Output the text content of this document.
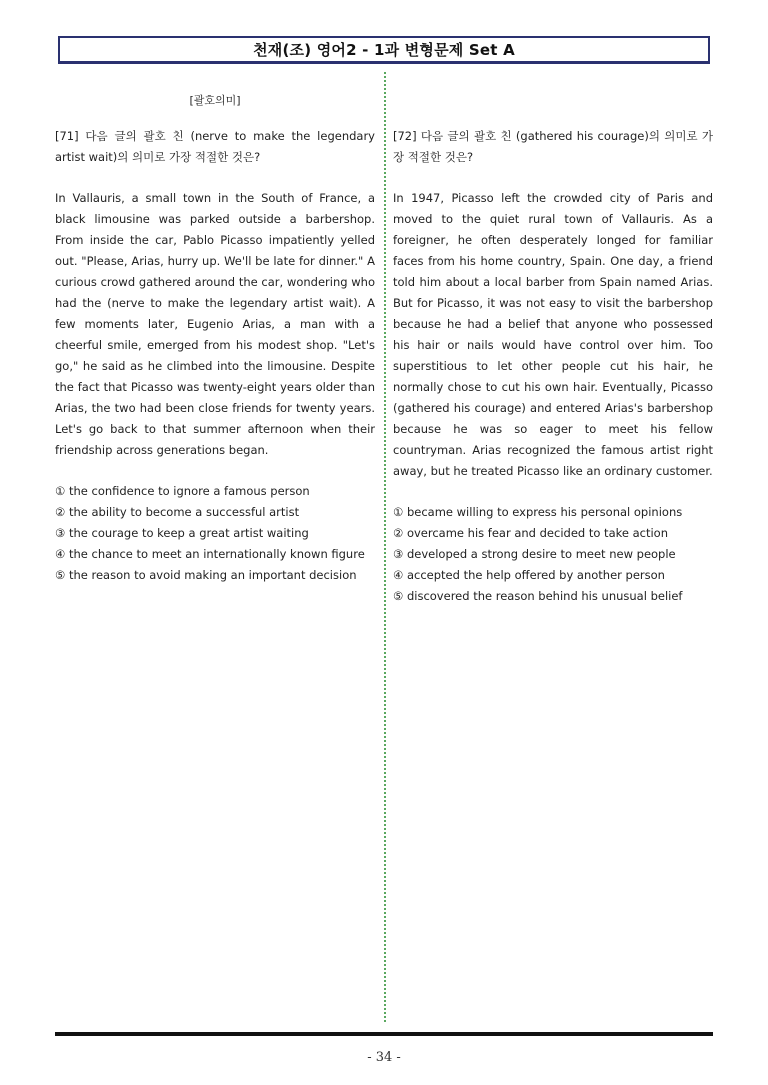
천재(조) 영어2 - 1과 변형문제 Set A
[괄호의미]

[71] 다음 글의 괄호 친 (nerve to make the legendary artist wait)의 의미로 가장 적절한 것은?

In Vallauris, a small town in the South of France, a black limousine was parked outside a barbershop. From inside the car, Pablo Picasso impatiently yelled out. "Please, Arias, hurry up. We'll be late for dinner." A curious crowd gathered around the car, wondering who had the (nerve to make the legendary artist wait). A few moments later, Eugenio Arias, a man with a cheerful smile, emerged from his modest shop. "Let's go," he said as he climbed into the limousine. Despite the fact that Picasso was twenty-eight years older than Arias, the two had been close friends for twenty years. Let's go back to that summer afternoon when their friendship across generations began.

① the confidence to ignore a famous person
② the ability to become a successful artist
③ the courage to keep a great artist waiting
④ the chance to meet an internationally known figure
⑤ the reason to avoid making an important decision

[72] 다음 글의 괄호 친 (gathered his courage)의 의미로 가장 적절한 것은?

In 1947, Picasso left the crowded city of Paris and moved to the quiet rural town of Vallauris. As a foreigner, he often desperately longed for familiar faces from his home country, Spain. One day, a friend told him about a local barber from Spain named Arias. But for Picasso, it was not easy to visit the barbershop because he had a belief that anyone who possessed his hair or nails would have control over him. Too superstitious to let other people cut his hair, he normally chose to cut his own hair. Eventually, Picasso (gathered his courage) and entered Arias's barbershop because he was so eager to meet his fellow countryman. Arias recognized the famous artist right away, but he treated Picasso like an ordinary customer.

① became willing to express his personal opinions
② overcame his fear and decided to take action
③ developed a strong desire to meet new people
④ accepted the help offered by another person
⑤ discovered the reason behind his unusual belief
- 34 -
